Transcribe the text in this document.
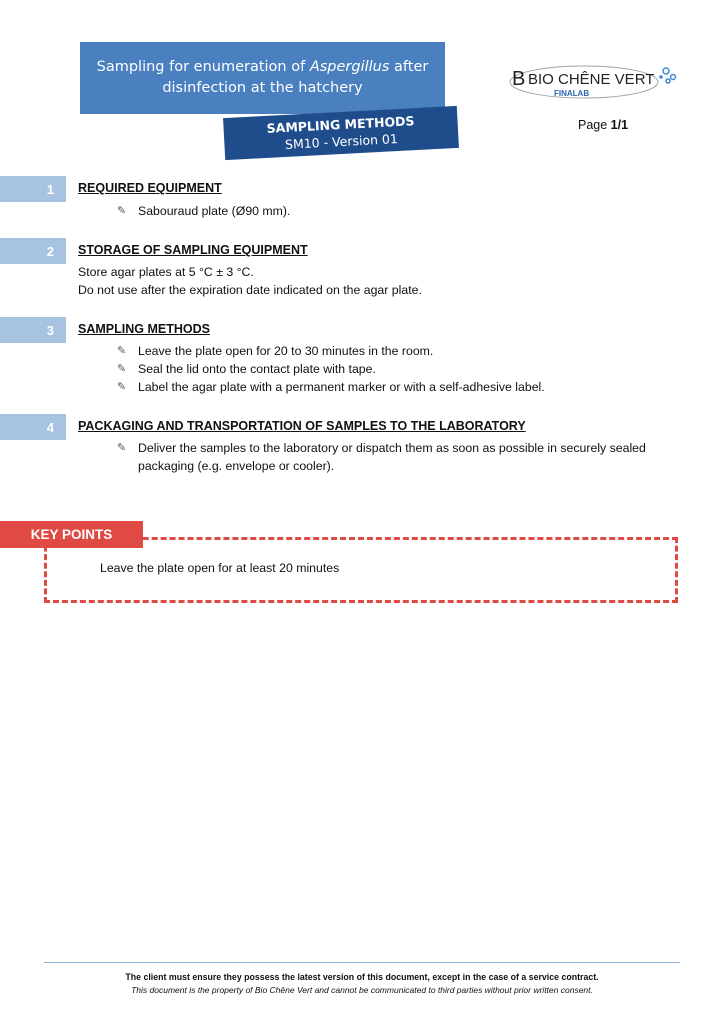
Sampling for enumeration of Aspergillus after
disinfection at the hatchery
SAMPLING METHODS
SM10 - Version 01
B BIO CHÊNE VERT
FINALAB
Page 1/1
1 REQUIRED EQUIPMENT
✎ Sabouraud plate (Ø90 mm).
2 STORAGE OF SAMPLING EQUIPMENT
Store agar plates at 5 °C ± 3 °C.
Do not use after the expiration date indicated on the agar plate.
3 SAMPLING METHODS
✎ Leave the plate open for 20 to 30 minutes in the room.
✎ Seal the lid onto the contact plate with tape.
✎ Label the agar plate with a permanent marker or with a self-adhesive label.
4 PACKAGING AND TRANSPORTATION OF SAMPLES TO THE LABORATORY
✎ Deliver the samples to the laboratory or dispatch them as soon as possible in securely sealed packaging (e.g. envelope or cooler).
KEY POINTS
Leave the plate open for at least 20 minutes
The client must ensure they possess the latest version of this document, except in the case of a service contract.
This document is the property of Bio Chêne Vert and cannot be communicated to third parties without prior written consent.
